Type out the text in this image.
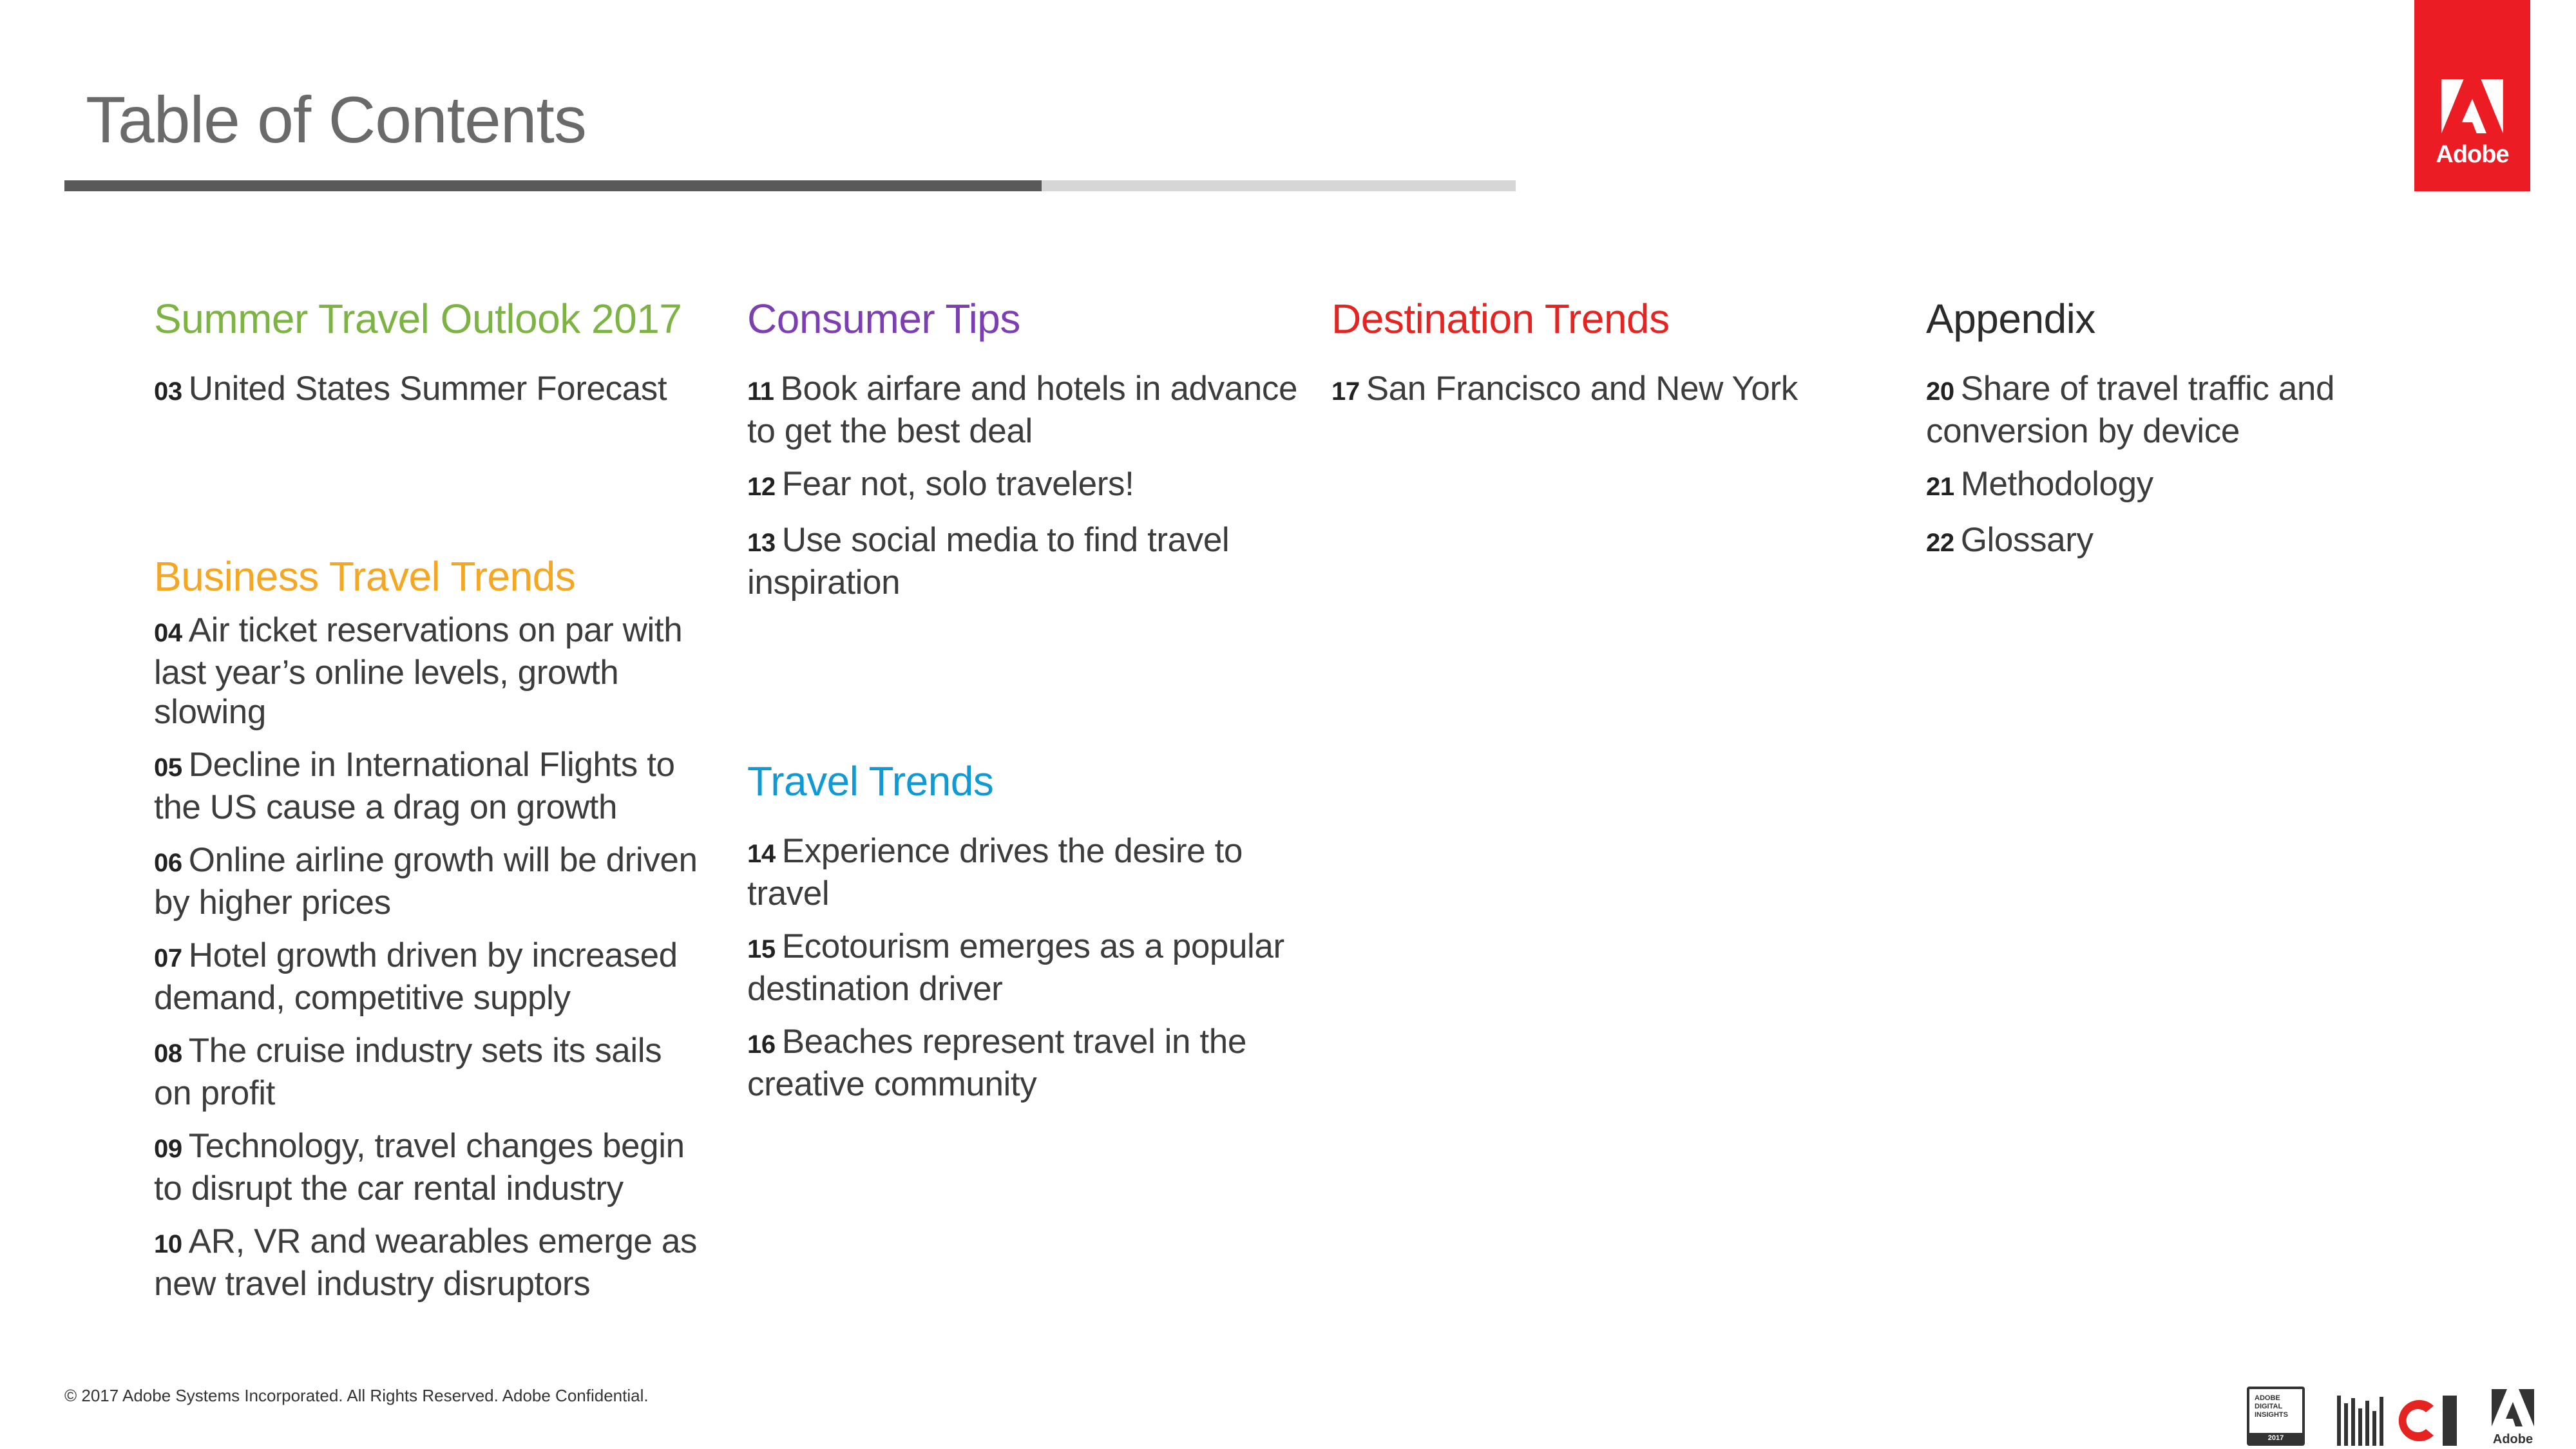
Table of Contents	Adobe
Summer Travel Outlook 2017
03 United States Summer Forecast
Business Travel Trends
04 Air ticket reservations on par with last year’s online levels, growth slowing
05 Decline in International Flights to the US cause a drag on growth
06 Online airline growth will be driven by higher prices
07 Hotel growth driven by increased demand, competitive supply
08 The cruise industry sets its sails on profit
09 Technology, travel changes begin to disrupt the car rental industry
10 AR, VR and wearables emerge as new travel industry disruptors
Consumer Tips
11 Book airfare and hotels in advance to get the best deal
12 Fear not, solo travelers!
13 Use social media to find travel inspiration
Travel Trends
14 Experience drives the desire to travel
15 Ecotourism emerges as a popular destination driver
16 Beaches represent travel in the creative community
Destination Trends
17 San Francisco and New York
Appendix
20 Share of travel traffic and conversion by device
21 Methodology
22 Glossary
© 2017 Adobe Systems Incorporated. All Rights Reserved. Adobe Confidential.	ADOBE DIGITAL INSIGHTS
2017	Adobe
